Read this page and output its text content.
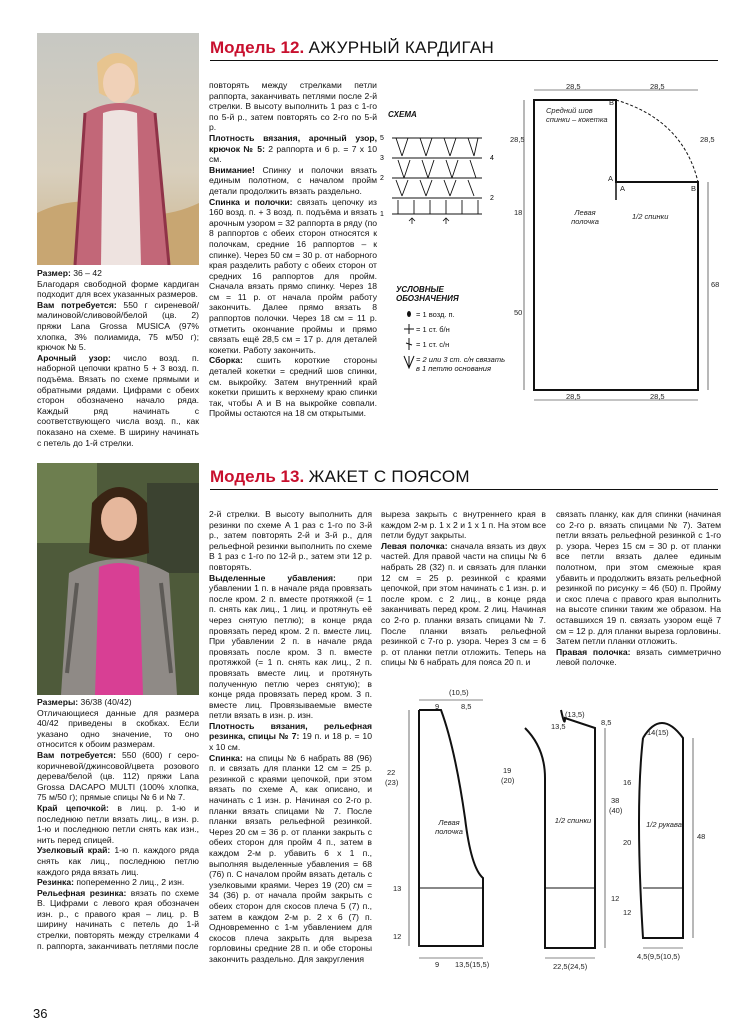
Модель 12. АЖУРНЫЙ КАРДИГАН
Размер: 36 – 42
Благодаря свободной форме кардиган подходит для всех указанных размеров.
Вам потребуется: 550 г сиреневой/малиновой/сливовой/белой (цв. 2) пряжи Lana Grossa MUSICA (97% хлопка, 3% полиамида, 75 м/50 г); крючок № 5.
Арочный узор: число возд. п. наборной цепочки кратно 5 + 3 возд. п. подъёма. Вязать по схеме прямыми и обратными рядами. Цифрами с обеих сторон обозначено начало ряда. Каждый ряд начинать с соответствующего числа возд. п., как показано на схеме. В ширину начинать с петель до 1-й стрелки.
повторять между стрелками петли раппорта, заканчивать петлями после 2-й стрелки. В высоту выполнить 1 раз с 1-го по 5-й р., затем повторять со 2-го по 5-й р.
Плотность вязания, арочный узор, крючок № 5: 2 раппорта и 6 р. = 7 х 10 см.
Внимание! Спинку и полочки вязать единым полотном, с началом пройм детали продолжить вязать раздельно.
Спинка и полочки: связать цепочку из 160 возд. п. + 3 возд. п. подъёма и вязать арочным узором = 32 раппорта в ряду (по 8 раппортов с обеих сторон относятся к полочкам, средние 16 раппортов – к спинке). Через 50 см = 30 р. от наборного края разделить работу с обеих сторон от средних 16 раппортов для пройм. Сначала вязать прямо спинку. Через 18 см = 11 р. от начала пройм работу закончить. Далее прямо вязать 8 раппортов полочки. Через 18 см = 11 р. отметить окончание проймы и прямо связать ещё 28,5 см = 17 р. для деталей кокетки. Работу закончить.
Сборка: сшить короткие стороны деталей кокетки = средний шов спинки, см. выкройку. Затем внутренний край кокетки пришить к верхнему краю спинки так, чтобы A и B на выкройке совпали. Проймы остаются на 18 см открытыми.
СХЕМА
5
3
2
1
4
2
УСЛОВНЫЕ ОБОЗНАЧЕНИЯ
= 1 возд. п.
= 1 ст. б/н
= 1 ст. с/н
= 2 или 3 ст. с/н связать в 1 петлю основания
28,5	28,5
28,5
28,5
18
50
68
28,5	28,5
Средний шов спинки – кокетка
Левая полочка
1/2 спинки
A
A
B
B
Модель 13. ЖАКЕТ С ПОЯСОМ
Размеры: 36/38 (40/42)
Отличающиеся данные для размера 40/42 приведены в скобках. Если указано одно значение, то оно относится к обоим размерам.
Вам потребуется: 550 (600) г серо-коричневой/джинсовой/цвета розового дерева/белой (цв. 112) пряжи Lana Grossa DACAPO MULTI (100% хлопка, 75 м/50 г); прямые спицы № 6 и № 7.
Край цепочкой: в лиц. р. 1-ю и последнюю петли вязать лиц., в изн. р. 1-ю и последнюю петли снять как изн., нить перед спицей.
Узелковый край: 1-ю п. каждого ряда снять как лиц., последнюю петлю каждого ряда вязать лиц.
Резинка: попеременно 2 лиц., 2 изн.
Рельефная резинка: вязать по схеме B. Цифрами с левого края обозначен изн. р., с правого края – лиц. р. В ширину начинать с петель до 1-й стрелки, повторять между стрелками 4 п. раппорта, заканчивать петлями после
2-й стрелки. В высоту выполнить для резинки по схеме A 1 раз с 1-го по 3-й р., затем повторять 2-й и 3-й р., для рельефной резинки выполнить по схеме B 1 раз с 1-го по 12-й р., затем эти 12 р. повторять.
Выделенные убавления: при убавлении 1 п. в начале ряда провязать после кром. 2 п. вместе протяжкой (= 1 п. снять как лиц., 1 лиц. и протянуть её через снятую петлю); в конце ряда провязать перед кром. 2 п. вместе лиц. При убавлении 2 п. в начале ряда провязать после кром. 3 п. вместе протяжкой (= 1 п. снять как лиц., 2 п. провязать вместе лиц. и протянуть полученную петлю через снятую); в конце ряда провязать перед кром. 3 п. вместе лиц. Провязываемые вместе петли вязать в изн. р. изн.
Плотность вязания, рельефная резинка, спицы № 7: 19 п. и 18 р. = 10 х 10 см.
Спинка: на спицы № 6 набрать 88 (96) п. и связать для планки 12 см = 25 р. резинкой с краями цепочкой, при этом вязать по схеме A, как описано, и начинать с 1 изн. р. Начиная со 2-го р. планки вязать спицами № 7. После планки вязать рельефной резинкой. Через 20 см = 36 р. от планки закрыть с обеих сторон для пройм 4 п., затем в каждом 2-м р. убавить 6 х 1 п., выполняя выделенные убавления = 68 (76) п. С началом пройм вязать деталь с узелковыми краями. Через 19 (20) см = 34 (36) р. от начала пройм закрыть с обеих сторон для скосов плеча 5 (7) п., затем в каждом 2-м р. 2 х 6 (7) п. Одновременно с 1-м убавлением для скосов плеча закрыть для выреза горловины средние 28 п. и обе стороны закончить раздельно. Для закругления
выреза закрыть с внутреннего края в каждом 2-м р. 1 х 2 и 1 х 1 п. На этом все петли будут закрыты.
Левая полочка: сначала вязать из двух частей. Для правой части на спицы № 6 набрать 28 (32) п. и связать для планки 12 см = 25 р. резинкой с краями цепочкой, при этом начинать с 1 изн. р. и после кром. с 2 лиц., в конце ряда заканчивать перед кром. 2 лиц. Начиная со 2-го р. планки вязать спицами № 7. После планки вязать рельефной резинкой с 7-го р. узора. Через 3 см = 6 р. от планки петли отложить. Теперь на спицы № 6 набрать для пояса 20 п. и
связать планку, как для спинки (начиная со 2-го р. вязать спицами № 7). Затем петли вязать рельефной резинкой с 1-го р. узора. Через 15 см = 30 р. от планки все петли вязать далее единым полотном, при этом смежные края убавить и продолжить вязать рельефной резинкой по рисунку = 46 (50) п. Пройму и скос плеча с правого края выполнить на высоте спинки таким же образом. На оставшихся 19 п. связать узором ещё 7 см = 12 р. для планки выреза горловины. Затем петли планки отложить.
Правая полочка: вязать симметрично левой полочке.
(10,5)
9	8,5
22
(23)
19
(20)
13
12
9 13,5(15,5)
Левая полочка
(13,5)
13,5	8,5
38
(40)
12
22,5(24,5)
1/2 спинки
14(15)
16
20
12
48
4,5(9,5(10,5)
1/2 рукава
36
